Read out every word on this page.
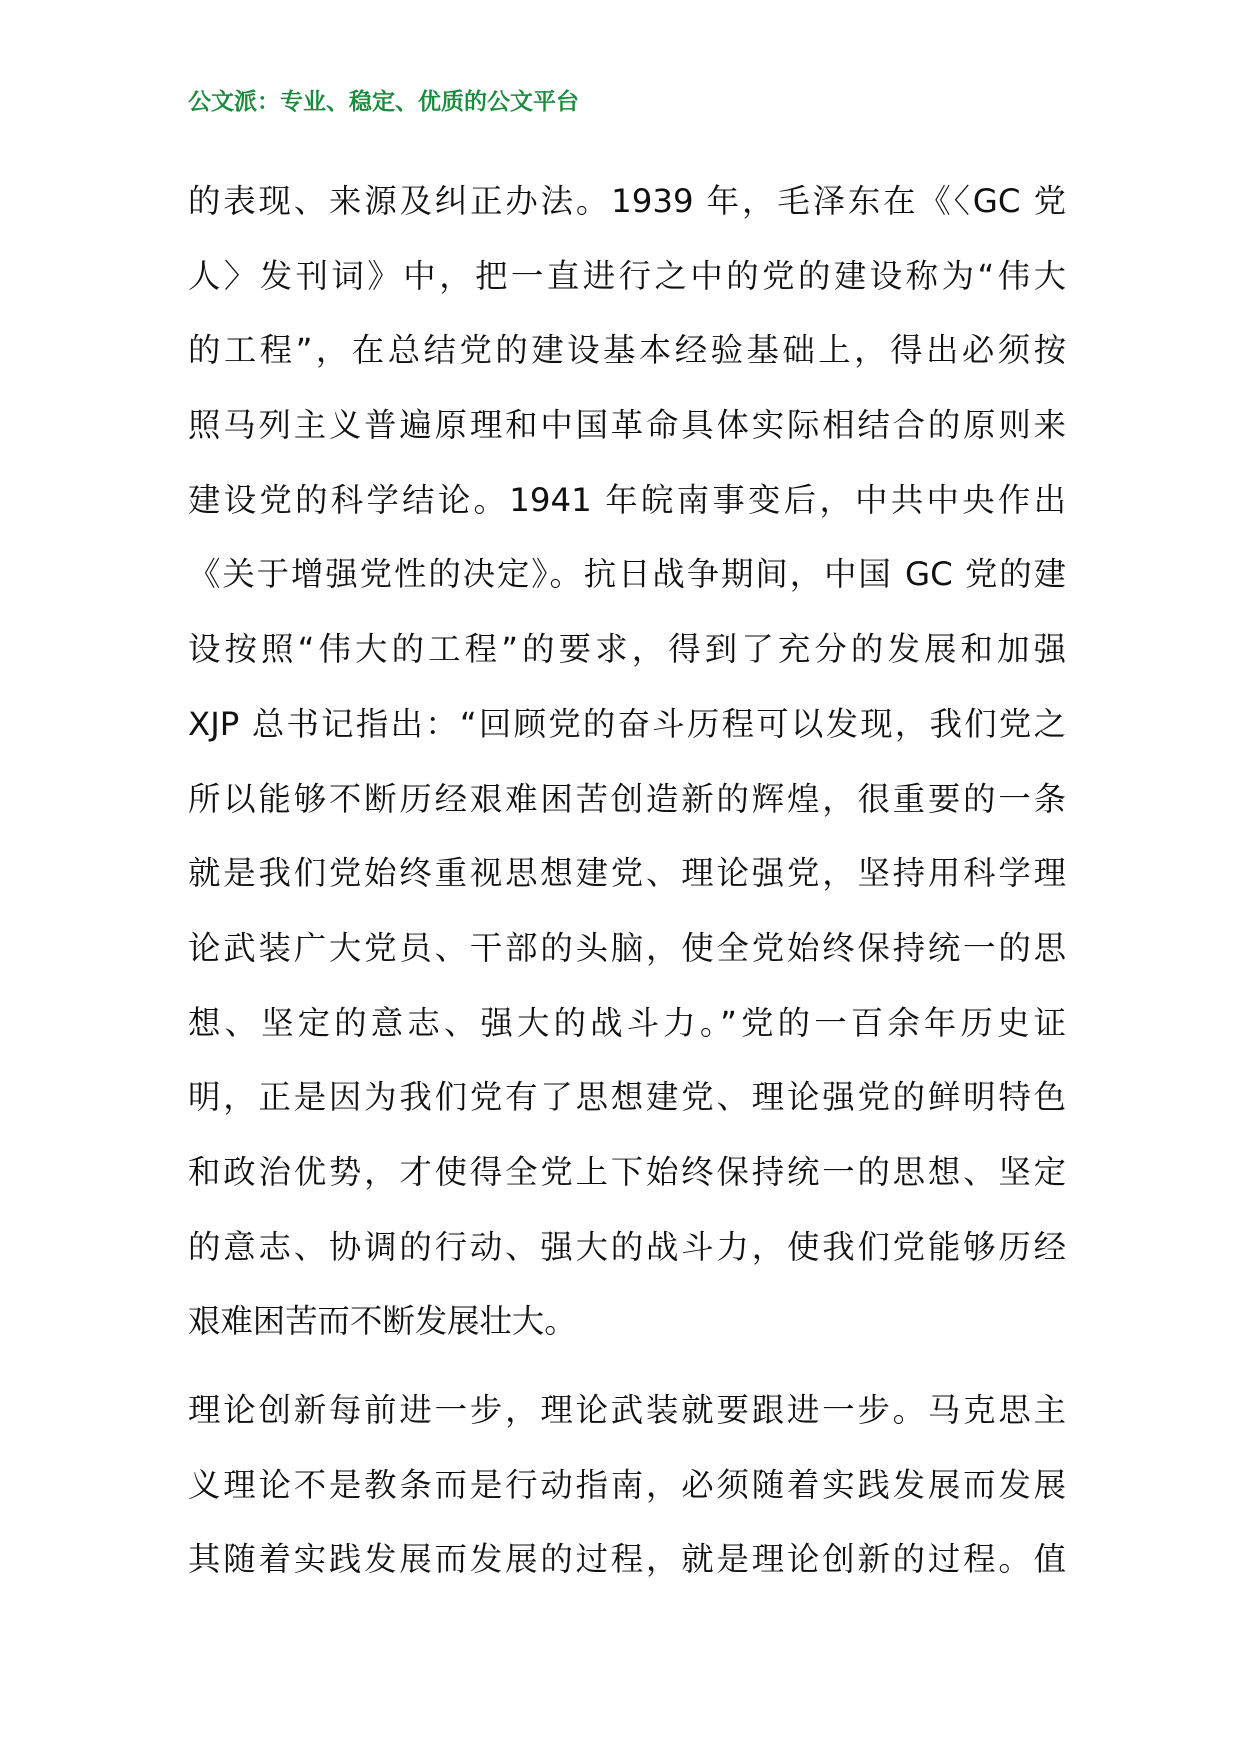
公文派：专业、稳定、优质的公文平台
的表现、来源及纠正办法。1939 年，毛泽东在《〈GC 党
人〉发刊词》中，把一直进行之中的党的建设称为“伟大
的工程”，在总结党的建设基本经验基础上，得出必须按
照马列主义普遍原理和中国革命具体实际相结合的原则来
建设党的科学结论。1941 年皖南事变后，中共中央作出
《关于增强党性的决定》。抗日战争期间，中国 GC 党的建
设按照“伟大的工程”的要求，得到了充分的发展和加强
XJP 总书记指出：“回顾党的奋斗历程可以发现，我们党之
所以能够不断历经艰难困苦创造新的辉煌，很重要的一条
就是我们党始终重视思想建党、理论强党，坚持用科学理
论武装广大党员、干部的头脑，使全党始终保持统一的思
想、坚定的意志、强大的战斗力。”党的一百余年历史证
明，正是因为我们党有了思想建党、理论强党的鲜明特色
和政治优势，才使得全党上下始终保持统一的思想、坚定
的意志、协调的行动、强大的战斗力，使我们党能够历经
艰难困苦而不断发展壮大。
理论创新每前进一步，理论武装就要跟进一步。马克思主
义理论不是教条而是行动指南，必须随着实践发展而发展
其随着实践发展而发展的过程，就是理论创新的过程。值
